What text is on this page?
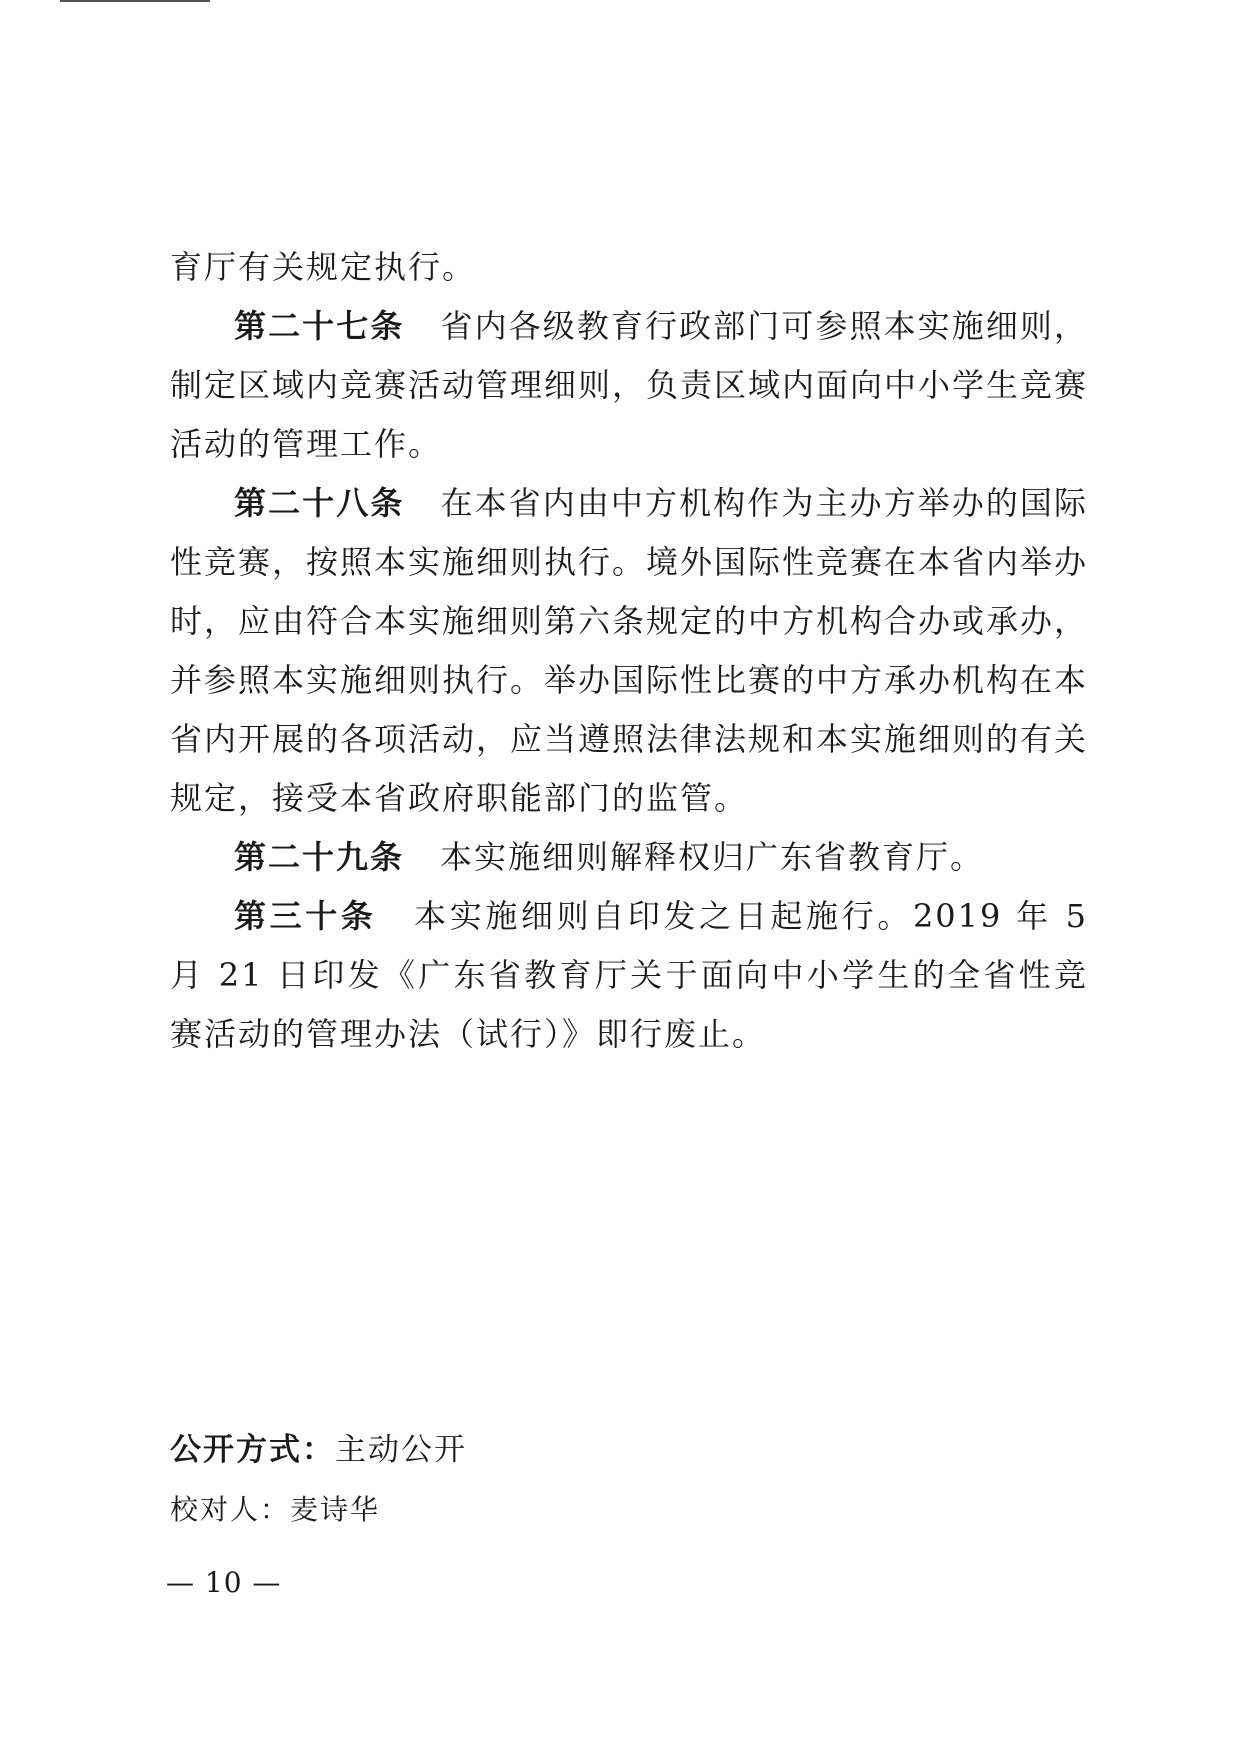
育厅有关规定执行。

第二十七条 省内各级教育行政部门可参照本实施细则，制定区域内竞赛活动管理细则，负责区域内面向中小学生竞赛活动的管理工作。

第二十八条 在本省内由中方机构作为主办方举办的国际性竞赛，按照本实施细则执行。境外国际性竞赛在本省内举办时，应由符合本实施细则第六条规定的中方机构合办或承办，并参照本实施细则执行。举办国际性比赛的中方承办机构在本省内开展的各项活动，应当遵照法律法规和本实施细则的有关规定，接受本省政府职能部门的监管。

第二十九条 本实施细则解释权归广东省教育厅。

第三十条 本实施细则自印发之日起施行。2019 年 5 月 21 日印发《广东省教育厅关于面向中小学生的全省性竞赛活动的管理办法（试行）》即行废止。

公开方式：主动公开
校对人：麦诗华
— 10 —
